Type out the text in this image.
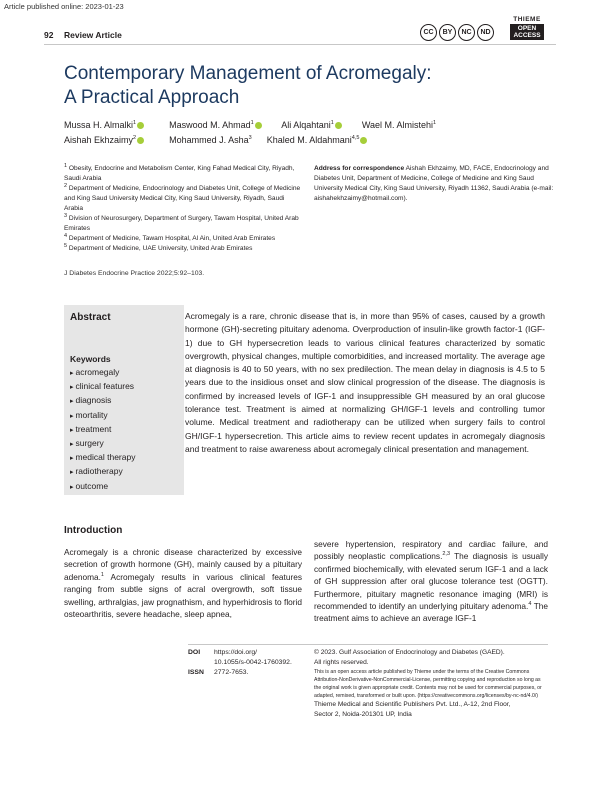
Article published online: 2023-01-23
92 Review Article	CC	BY	NC	ND
THIEME
OPEN
ACCESS
Contemporary Management of Acromegaly:
A Practical Approach
Mussa H. Almalki$^1$	Maswood M. Ahmad$^1$	Ali Alqahtani$^1$	Wael M. Almistehi$^1$
Aishah Ekhzaimy$^2$	Mohammed J. Asha$^3$ Khaled M. Aldahmani$^{4,5}$
$^1$ Obesity, Endocrine and Metabolism Center, King Fahad Medical City, Riyadh, Saudi Arabia
$^2$ Department of Medicine, Endocrinology and Diabetes Unit, College of Medicine and King Saud University Medical City, King Saud University, Riyadh, Saudi Arabia
$^3$ Division of Neurosurgery, Department of Surgery, Tawam Hospital, United Arab Emirates
$^4$ Department of Medicine, Tawam Hospital, Al Ain, United Arab Emirates
$^5$ Department of Medicine, UAE University, United Arab Emirates
Address for correspondence Aishah Ekhzaimy, MD, FACE, Endocrinology and Diabetes Unit, Department of Medicine, College of Medicine and King Saud University Medical City, King Saud University, Riyadh 11362, Saudi Arabia (e-mail: aishahekhzaimy@hotmail.com).
J Diabetes Endocrine Practice 2022;5:92–103.
Abstract
Keywords
▸ acromegaly
▸ clinical features
▸ diagnosis
▸ mortality
▸ treatment
▸ surgery
▸ medical therapy
▸ radiotherapy
▸ outcome
Acromegaly is a rare, chronic disease that is, in more than 95% of cases, caused by a growth hormone (GH)-secreting pituitary adenoma. Overproduction of insulin-like growth factor-1 (IGF-1) due to GH hypersecretion leads to various clinical features characterized by somatic overgrowth, physical changes, multiple comorbidities, and increased mortality. The average age at diagnosis is 40 to 50 years, with no sex predilection. The mean delay in diagnosis is 4.5 to 5 years due to the insidious onset and slow clinical progression of the disease. The diagnosis is confirmed by increased levels of IGF-1 and insuppressible GH measured by an oral glucose tolerance test. Treatment is aimed at normalizing GH/IGF-1 levels and controlling tumor volume. Medical treatment and radiotherapy can be utilized when surgery fails to control GH/IGF-1 hypersecretion. This article aims to review recent updates in acromegaly diagnosis and treatment to raise awareness about acromegaly clinical presentation and management.
Introduction
Acromegaly is a chronic disease characterized by excessive secretion of growth hormone (GH), mainly caused by a pituitary adenoma.$^1$ Acromegaly results in various clinical features ranging from subtle signs of acral overgrowth, soft tissue swelling, arthralgias, jaw prognathism, and hyperhidrosis to florid osteoarthritis, severe headache, sleep apnea,
severe hypertension, respiratory and cardiac failure, and possibly neoplastic complications.$^{2,3}$ The diagnosis is usually confirmed biochemically, with elevated serum IGF-1 and a lack of GH suppression after oral glucose tolerance test (OGTT). Furthermore, pituitary magnetic resonance imaging (MRI) is recommended to identify an underlying pituitary adenoma.$^4$ The treatment aims to achieve an average IGF-1
DOI https://doi.org/
10.1055/s-0042-1760392.
ISSN 2772-7653.
© 2023. Gulf Association of Endocrinology and Diabetes (GAED).
All rights reserved.
This is an open access article published by Thieme under the terms of the Creative Commons Attribution-NonDerivative-NonCommercial-License, permitting copying and reproduction so long as the original work is given appropriate credit. Contents may not be used for commercial purposes, or adapted, remixed, transformed or built upon. (https://creativecommons.org/licenses/by-nc-nd/4.0/)
Thieme Medical and Scientific Publishers Pvt. Ltd., A-12, 2nd Floor,
Sector 2, Noida-201301 UP, India
